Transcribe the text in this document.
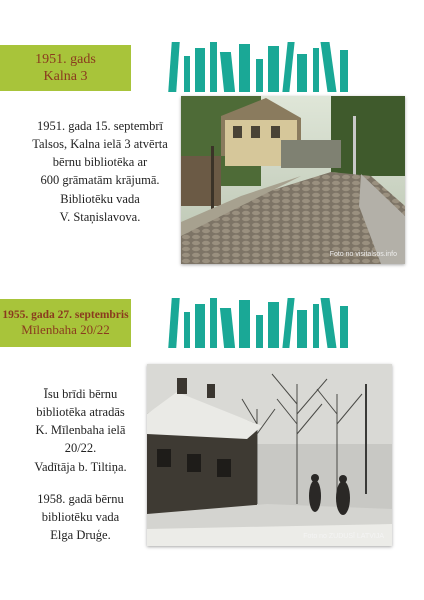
1951. gads
Kalna 3
1951. gada 15. septembrī
Talsos, Kalna ielā 3 atvērta
bērnu bibliotēka ar
600 grāmatām krājumā.
Bibliotēku vada
V. Staņislavova.
Foto no visitalsos.info
1955. gada 27. septembris
Mīlenbaha 20/22
Īsu brīdi bērnu
bibliotēka atradās
K. Mīlenbaha ielā
20/22.
Vadītāja b. Tiltiņa.
1958. gadā bērnu
bibliotēku vada
Elga Druģe.	Foto no ZUDUSĪ LATVIJA
